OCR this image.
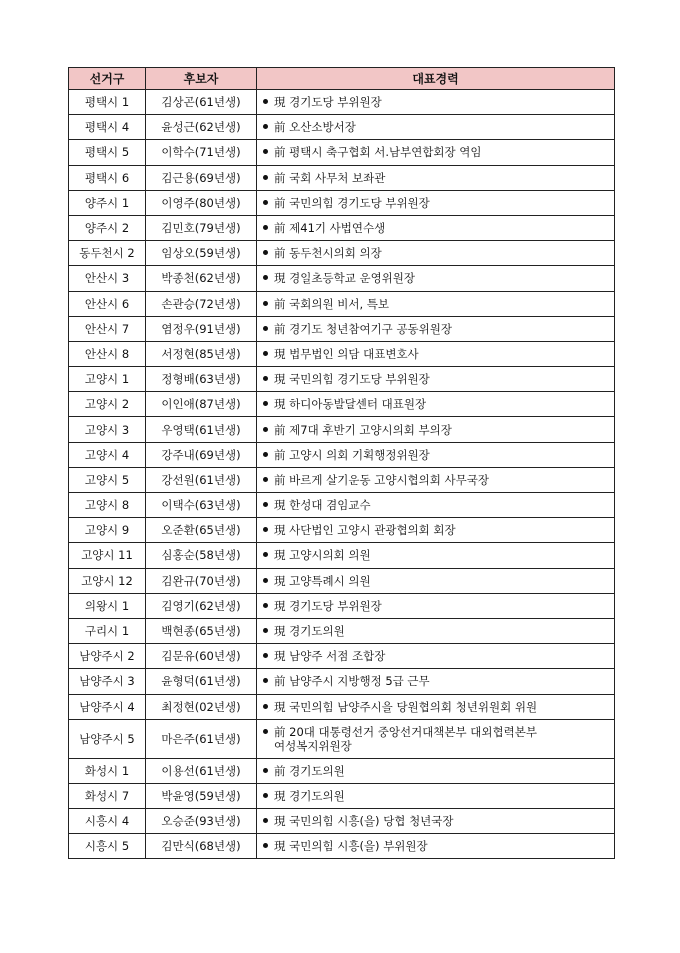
선거구	후보자	대표경력
평택시 1	김상곤(61년생)	現 경기도당 부위원장
평택시 4	윤성근(62년생)	前 오산소방서장
평택시 5	이학수(71년생)	前 평택시 축구협회 서.남부연합회장 역임
평택시 6	김근용(69년생)	前 국회 사무처 보좌관
양주시 1	이영주(80년생)	前 국민의힘 경기도당 부위원장
양주시 2	김민호(79년생)	前 제41기 사법연수생
동두천시 2	임상오(59년생)	前 동두천시의회 의장
안산시 3	박종천(62년생)	現 경일초등학교 운영위원장
안산시 6	손관승(72년생)	前 국회의원 비서, 특보
안산시 7	염정우(91년생)	前 경기도 청년참여기구 공동위원장
안산시 8	서정현(85년생)	現 법무법인 의담 대표변호사
고양시 1	정형배(63년생)	現 국민의힘 경기도당 부위원장
고양시 2	이인애(87년생)	現 하디아동발달센터 대표원장
고양시 3	우영택(61년생)	前 제7대 후반기 고양시의회 부의장
고양시 4	강주내(69년생)	前 고양시 의회 기획행정위원장
고양시 5	강선원(61년생)	前 바르게 살기운동 고양시협의회 사무국장
고양시 8	이택수(63년생)	現 한성대 겸임교수
고양시 9	오준환(65년생)	現 사단법인 고양시 관광협의회 회장
고양시 11	심홍순(58년생)	現 고양시의회 의원
고양시 12	김완규(70년생)	現 고양특례시 의원
의왕시 1	김영기(62년생)	現 경기도당 부위원장
구리시 1	백현종(65년생)	現 경기도의원
남양주시 2	김문유(60년생)	現 남양주 서점 조합장
남양주시 3	윤형덕(61년생)	前 남양주시 지방행정 5급 근무
남양주시 4	최정현(02년생)	現 국민의힘 남양주시을 당원협의회 청년위원회 위원
남양주시 5	마은주(61년생)	前 20대 대통령선거 중앙선거대책본부 대외협력본부
여성복지위원장

화성시 1	이용선(61년생)	前 경기도의원
화성시 7	박윤영(59년생)	現 경기도의원
시흥시 4	오승준(93년생)	現 국민의힘 시흥(을) 당협 청년국장
시흥시 5	김만식(68년생)	現 국민의힘 시흥(을) 부위원장
